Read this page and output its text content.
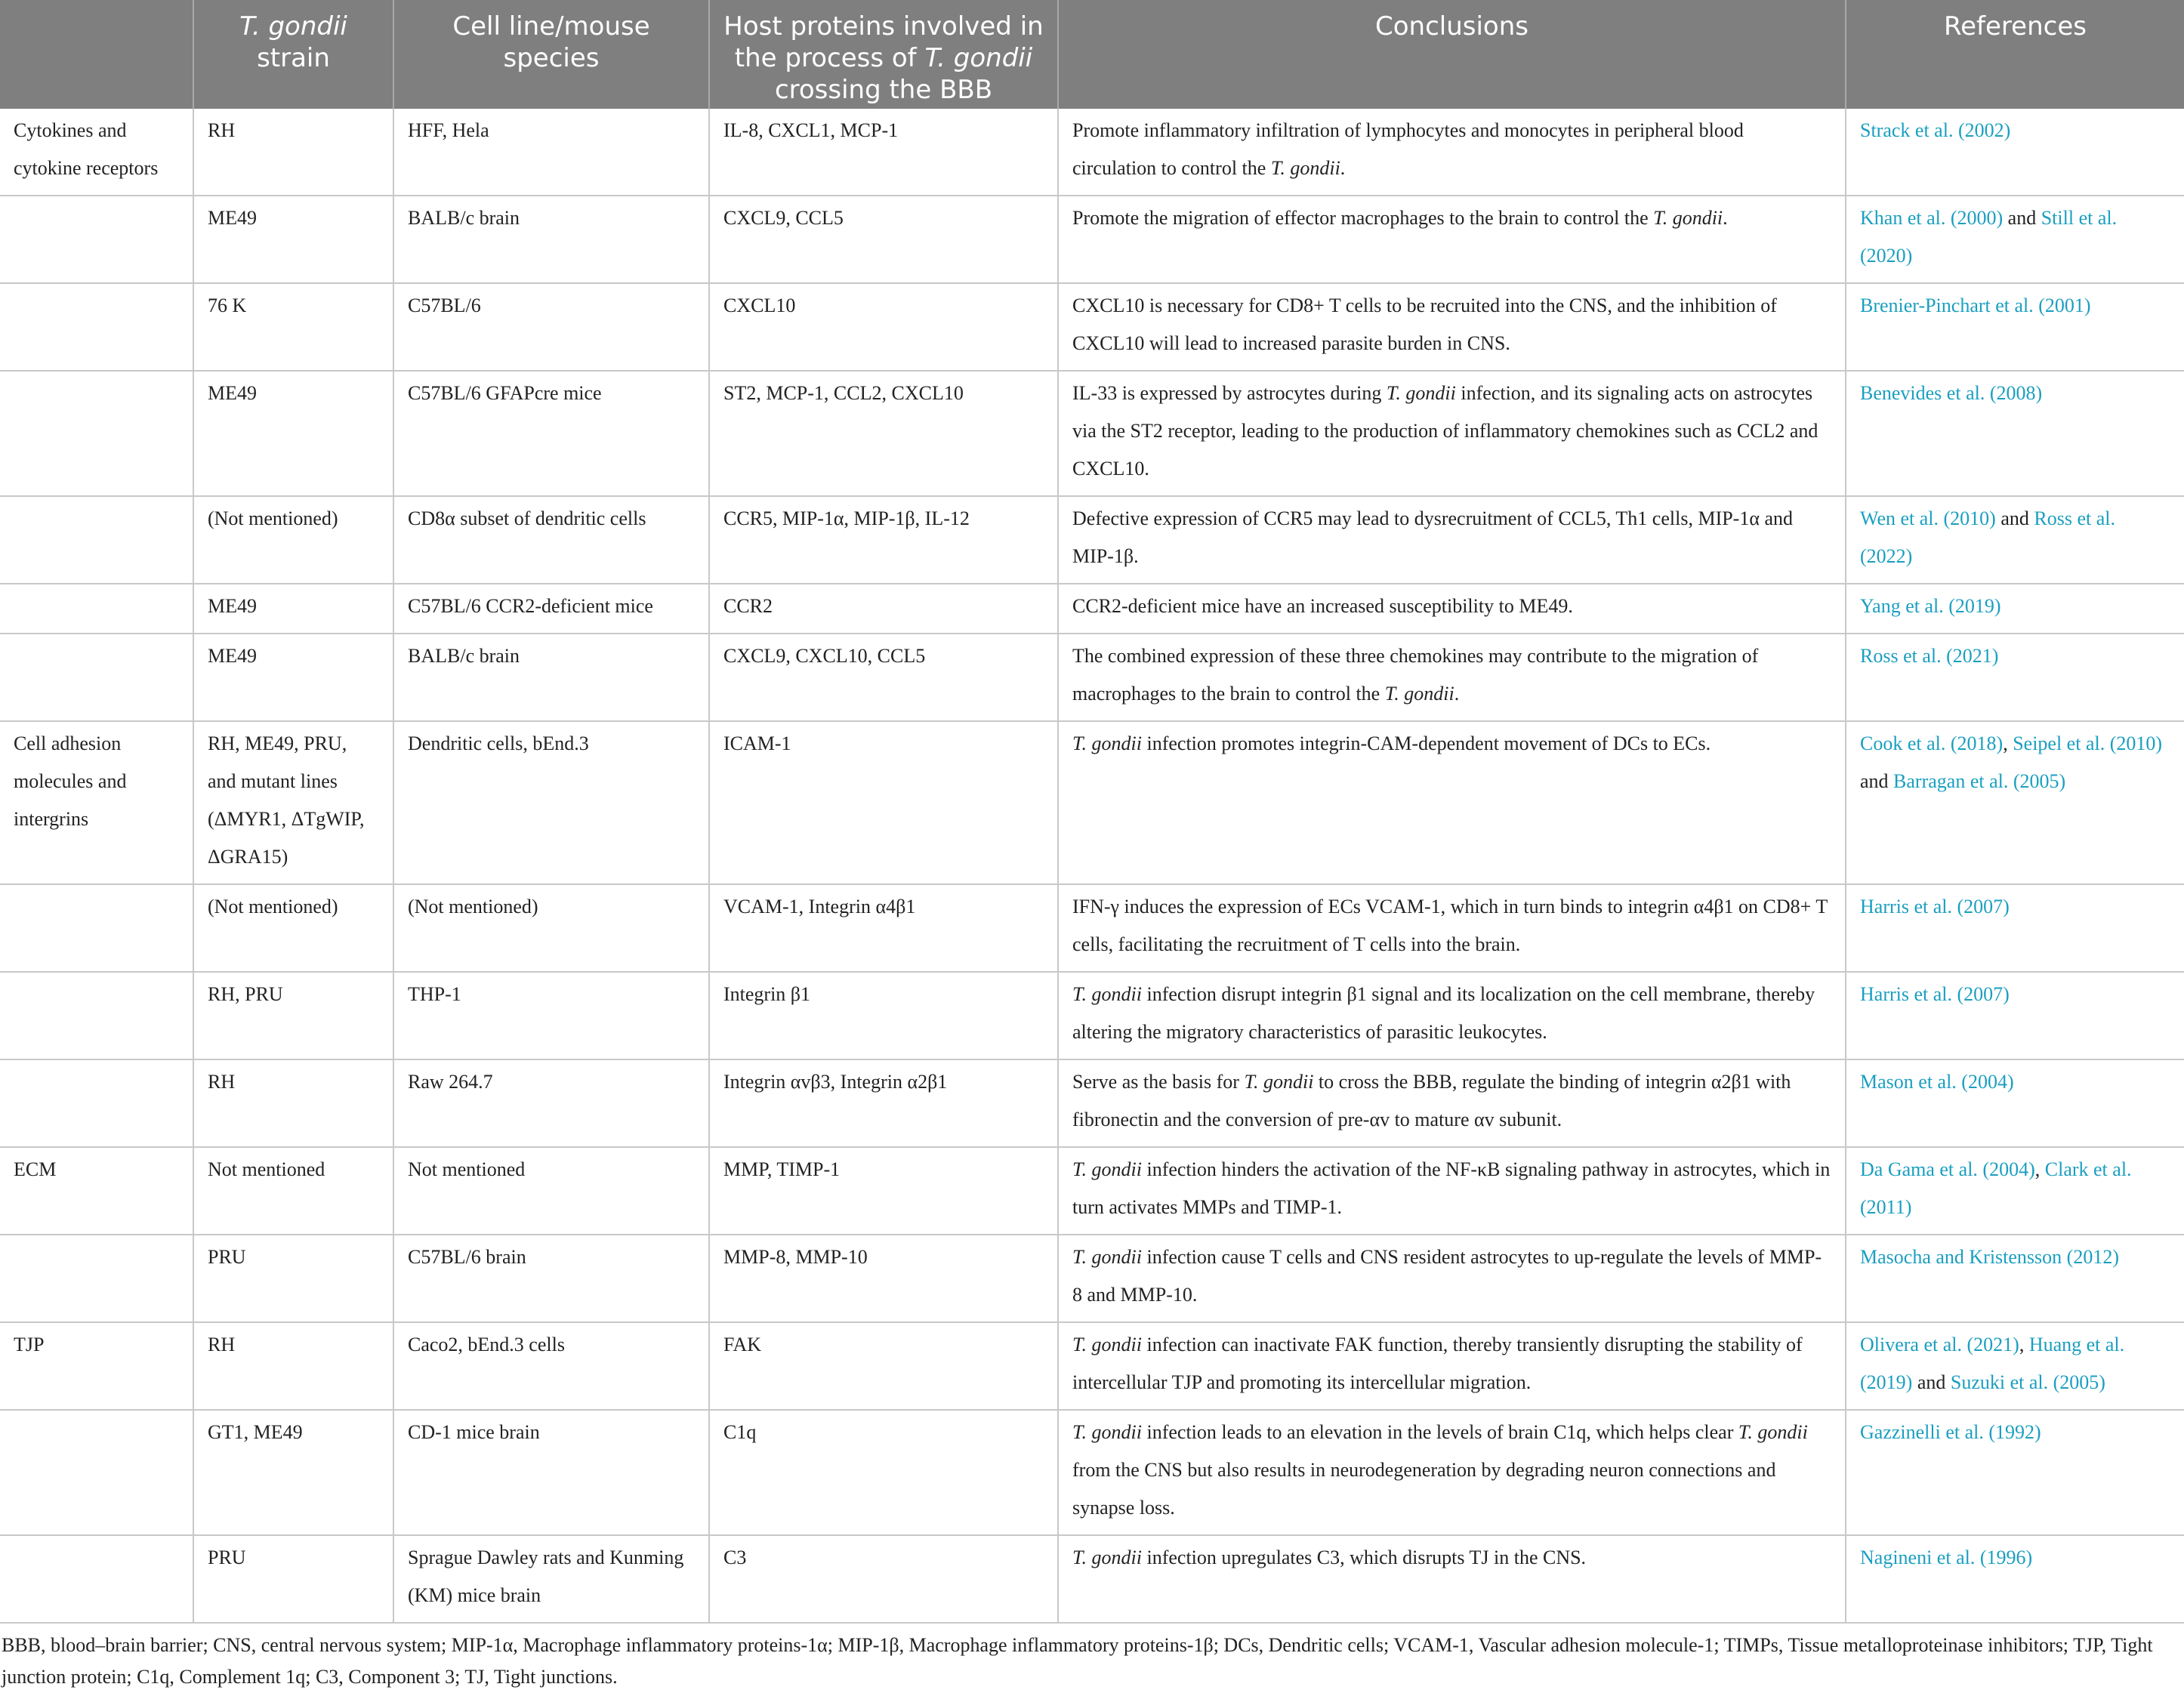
	T. gondii strain	Cell line/mouse species	Host proteins involved in the process of T. gondii crossing the BBB	Conclusions	References
Cytokines and cytokine receptors	RH	HFF, Hela	IL-8, CXCL1, MCP-1	Promote inflammatory infiltration of lymphocytes and monocytes in peripheral blood circulation to control the T. gondii.	Strack et al. (2002)
	ME49	BALB/c brain	CXCL9, CCL5	Promote the migration of effector macrophages to the brain to control the T. gondii.	Khan et al. (2000) and Still et al. (2020)
	76 K	C57BL/6	CXCL10	CXCL10 is necessary for CD8+ T cells to be recruited into the CNS, and the inhibition of CXCL10 will lead to increased parasite burden in CNS.	Brenier-Pinchart et al. (2001)
	ME49	C57BL/6 GFAPcre mice	ST2, MCP-1, CCL2, CXCL10	IL-33 is expressed by astrocytes during T. gondii infection, and its signaling acts on astrocytes via the ST2 receptor, leading to the production of inflammatory chemokines such as CCL2 and CXCL10.	Benevides et al. (2008)
	(Not mentioned)	CD8α subset of dendritic cells	CCR5, MIP-1α, MIP-1β, IL-12	Defective expression of CCR5 may lead to dysrecruitment of CCL5, Th1 cells, MIP-1α and MIP-1β.	Wen et al. (2010) and Ross et al. (2022)
	ME49	C57BL/6 CCR2-deficient mice	CCR2	CCR2-deficient mice have an increased susceptibility to ME49.	Yang et al. (2019)
	ME49	BALB/c brain	CXCL9, CXCL10, CCL5	The combined expression of these three chemokines may contribute to the migration of macrophages to the brain to control the T. gondii.	Ross et al. (2021)
Cell adhesion molecules and intergrins	RH, ME49, PRU, and mutant lines (ΔMYR1, ΔTgWIP, ΔGRA15)	Dendritic cells, bEnd.3	ICAM-1	T. gondii infection promotes integrin-CAM-dependent movement of DCs to ECs.	Cook et al. (2018), Seipel et al. (2010) and Barragan et al. (2005)
	(Not mentioned)	(Not mentioned)	VCAM-1, Integrin α4β1	IFN-γ induces the expression of ECs VCAM-1, which in turn binds to integrin α4β1 on CD8+ T cells, facilitating the recruitment of T cells into the brain.	Harris et al. (2007)
	RH, PRU	THP-1	Integrin β1	T. gondii infection disrupt integrin β1 signal and its localization on the cell membrane, thereby altering the migratory characteristics of parasitic leukocytes.	Harris et al. (2007)
	RH	Raw 264.7	Integrin αvβ3, Integrin α2β1	Serve as the basis for T. gondii to cross the BBB, regulate the binding of integrin α2β1 with fibronectin and the conversion of pre-αv to mature αv subunit.	Mason et al. (2004)
ECM	Not mentioned	Not mentioned	MMP, TIMP-1	T. gondii infection hinders the activation of the NF-κB signaling pathway in astrocytes, which in turn activates MMPs and TIMP-1.	Da Gama et al. (2004), Clark et al. (2011)
	PRU	C57BL/6 brain	MMP-8, MMP-10	T. gondii infection cause T cells and CNS resident astrocytes to up-regulate the levels of MMP-8 and MMP-10.	Masocha and Kristensson (2012)
TJP	RH	Caco2, bEnd.3 cells	FAK	T. gondii infection can inactivate FAK function, thereby transiently disrupting the stability of intercellular TJP and promoting its intercellular migration.	Olivera et al. (2021), Huang et al. (2019) and Suzuki et al. (2005)
	GT1, ME49	CD-1 mice brain	C1q	T. gondii infection leads to an elevation in the levels of brain C1q, which helps clear T. gondii from the CNS but also results in neurodegeneration by degrading neuron connections and synapse loss.	Gazzinelli et al. (1992)
	PRU	Sprague Dawley rats and Kunming (KM) mice brain	C3	T. gondii infection upregulates C3, which disrupts TJ in the CNS.	Nagineni et al. (1996)
BBB, blood–brain barrier; CNS, central nervous system; MIP-1α, Macrophage inflammatory proteins-1α; MIP-1β, Macrophage inflammatory proteins-1β; DCs, Dendritic cells; VCAM-1, Vascular adhesion molecule-1; TIMPs, Tissue metalloproteinase inhibitors; TJP, Tight junction protein; C1q, Complement 1q; C3, Component 3; TJ, Tight junctions.
